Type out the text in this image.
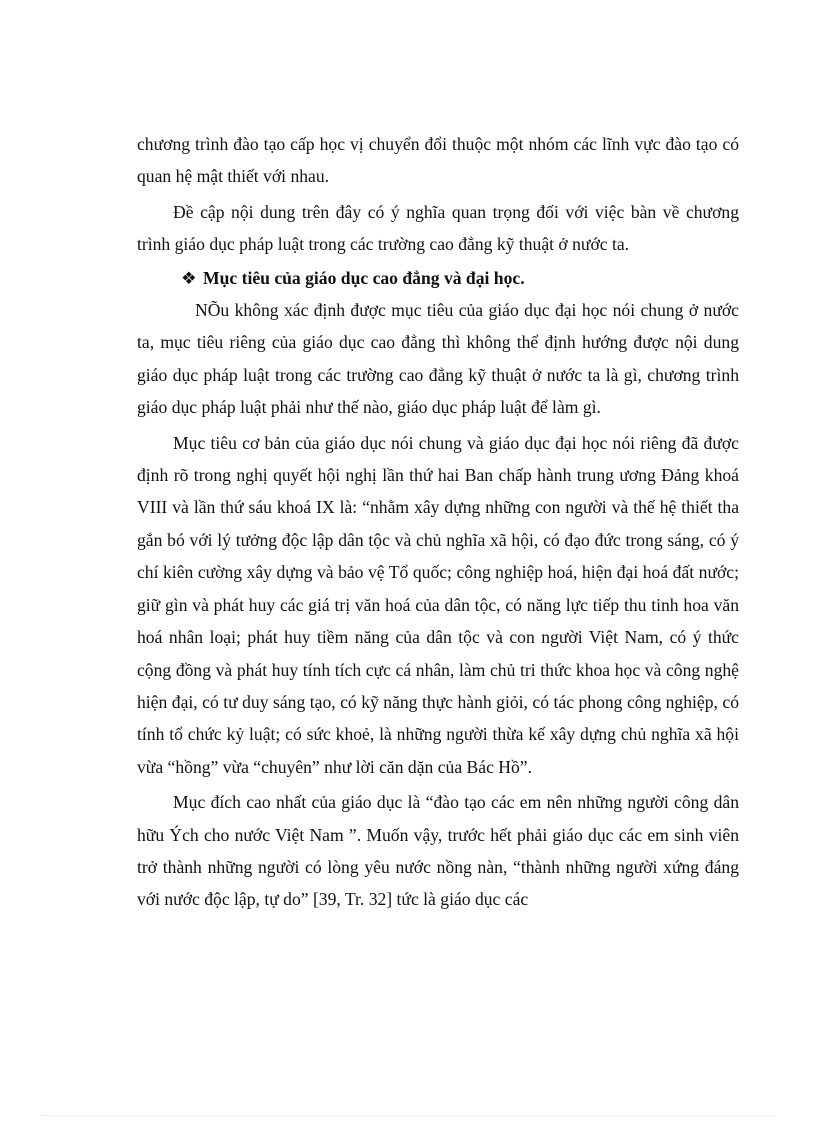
chương trình đào tạo cấp học vị chuyển đổi thuộc một nhóm các lĩnh vực đào tạo có quan hệ mật thiết với nhau.

Đề cập nội dung trên đây có ý nghĩa quan trọng đối với việc bàn về chương trình giáo dục pháp luật trong các trường cao đẳng kỹ thuật ở nước ta.

❖ Mục tiêu của giáo dục cao đẳng và đại học.

NÕu không xác định được mục tiêu của giáo dục đại học nói chung ở nước ta, mục tiêu riêng của giáo dục cao đẳng thì không thể định hướng được nội dung giáo dục pháp luật trong các trường cao đẳng kỹ thuật ở nước ta là gì, chương trình giáo dục pháp luật phải như thế nào, giáo dục pháp luật để làm gì.

Mục tiêu cơ bản của giáo dục nói chung và giáo dục đại học nói riêng đã được định rõ trong nghị quyết hội nghị lần thứ hai Ban chấp hành trung ương Đảng khoá VIII và lần thứ sáu khoá IX là: “nhằm xây dựng những con người và thế hệ thiết tha gắn bó với lý tưởng độc lập dân tộc và chủ nghĩa xã hội, có đạo đức trong sáng, có ý chí kiên cường xây dựng và bảo vệ Tổ quốc; công nghiệp hoá, hiện đại hoá đất nước; giữ gìn và phát huy các giá trị văn hoá của dân tộc, có năng lực tiếp thu tinh hoa văn hoá nhân loại; phát huy tiềm năng của dân tộc và con người Việt Nam, có ý thức cộng đồng và phát huy tính tích cực cá nhân, làm chủ tri thức khoa học và công nghệ hiện đại, có tư duy sáng tạo, có kỹ năng thực hành giỏi, có tác phong công nghiệp, có tính tổ chức kỷ luật; có sức khoẻ, là những người thừa kế xây dựng chủ nghĩa xã hội vừa “hồng” vừa “chuyên” như lời căn dặn của Bác Hồ”.

Mục đích cao nhất của giáo dục là “đào tạo các em nên những người công dân hữu Ých cho nước Việt Nam ”. Muốn vậy, trước hết phải giáo dục các em sinh viên trở thành những người có lòng yêu nước nồng nàn, “thành những người xứng đáng với nước độc lập, tự do” [39, Tr. 32] tức là giáo dục các
